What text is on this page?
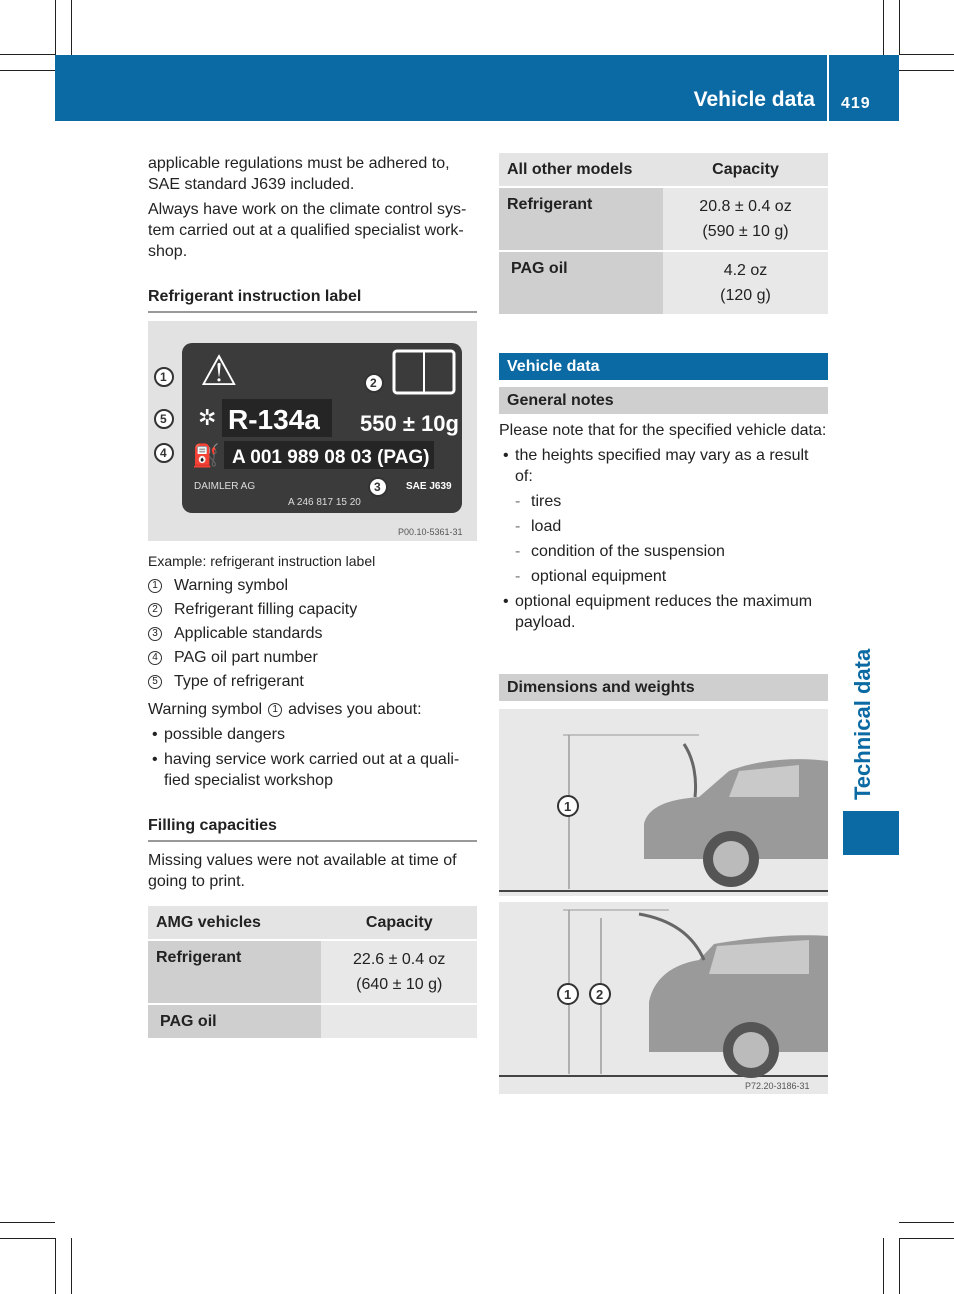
Vehicle data 419
Technical data

applicable regulations must be adhered to, SAE standard J639 included.

Always have work on the climate control sys-tem carried out at a qualified specialist work-shop.

Refrigerant instruction label
⚠
✲ R-134a 550 ± 10g
⛽ A 001 989 08 03 (PAG)
DAIMLER AG
A 246 817 15 20
SAE J639
1	2
3
4
5
P00.10-5361-31
Example: refrigerant instruction label
1 Warning symbol
2 Refrigerant filling capacity
3 Applicable standards
4 PAG oil part number
5 Type of refrigerant

Warning symbol	1 advises you about:

• possible dangers
• having service work carried out at a quali-fied specialist workshop
Filling capacities

Missing values were not available at time of going to print.

AMG vehicles	Capacity
Refrigerant	22.6 ± 0.4 oz
(640 ± 10 g)

PAG oil	
All other models	Capacity
Refrigerant	20.8 ± 0.4 oz
(590 ± 10 g)

PAG oil	4.2 oz
(120 g)
Vehicle data
General notes

Please note that for the specified vehicle data:

• the heights specified may vary as a result of:
- tires
- load
- condition of the suspension
- optional equipment
• optional equipment reduces the maximum payload.
Dimensions and weights
1
1 2
P72.20-3186-31
